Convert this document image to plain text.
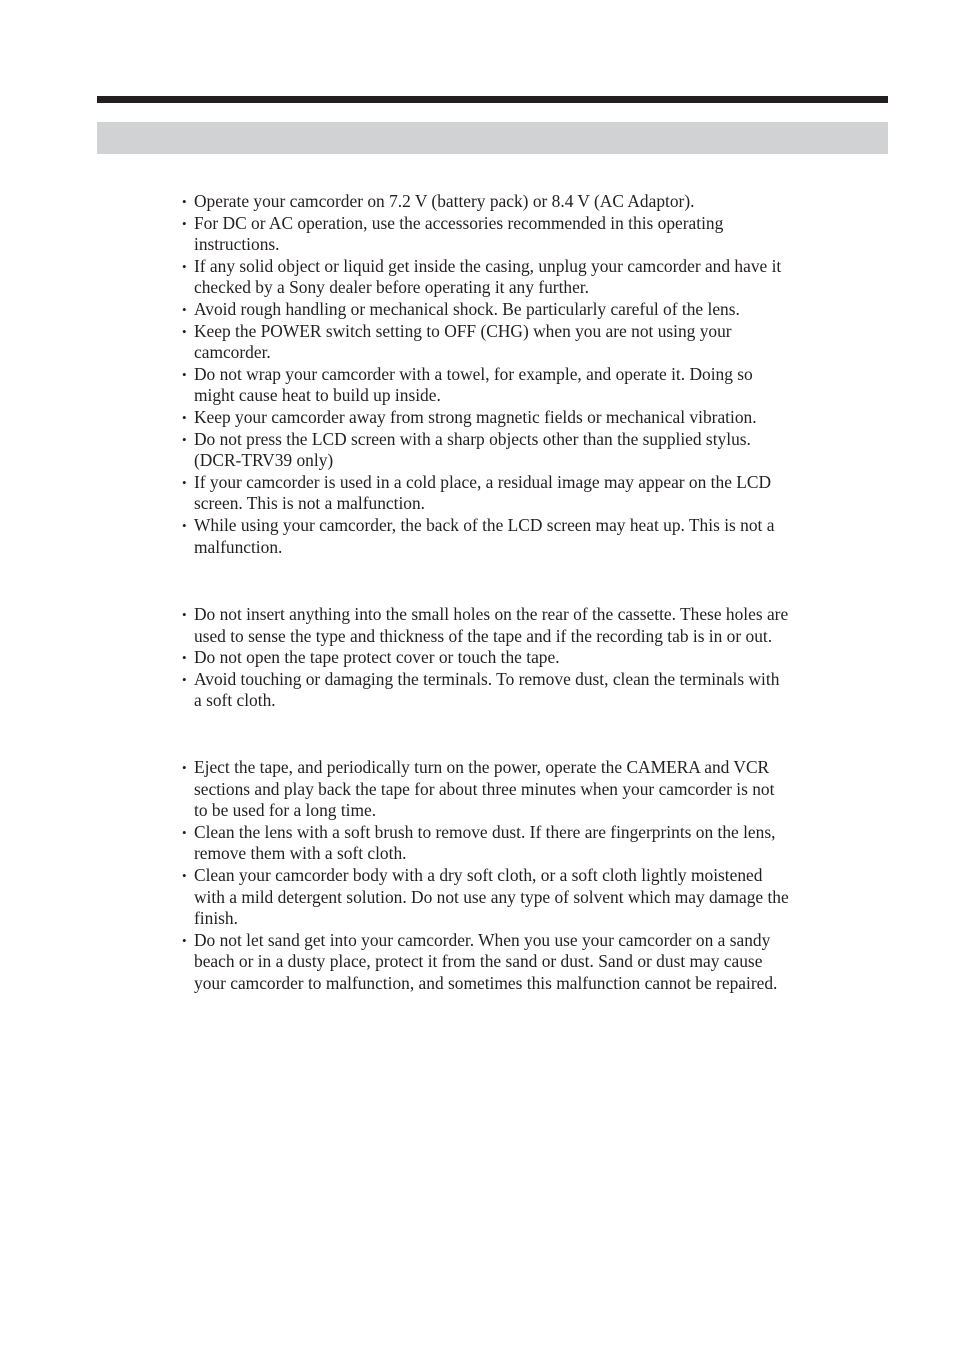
• Operate your camcorder on 7.2 V (battery pack) or 8.4 V (AC Adaptor).
• For DC or AC operation, use the accessories recommended in this operating
instructions.
• If any solid object or liquid get inside the casing, unplug your camcorder and have it
checked by a Sony dealer before operating it any further.
• Avoid rough handling or mechanical shock. Be particularly careful of the lens.
• Keep the POWER switch setting to OFF (CHG) when you are not using your
camcorder.
• Do not wrap your camcorder with a towel, for example, and operate it. Doing so
might cause heat to build up inside.
• Keep your camcorder away from strong magnetic fields or mechanical vibration.
• Do not press the LCD screen with a sharp objects other than the supplied stylus.
(DCR-TRV39 only)
• If your camcorder is used in a cold place, a residual image may appear on the LCD
screen. This is not a malfunction.
• While using your camcorder, the back of the LCD screen may heat up. This is not a
malfunction.
• Do not insert anything into the small holes on the rear of the cassette. These holes are
used to sense the type and thickness of the tape and if the recording tab is in or out.
• Do not open the tape protect cover or touch the tape.
• Avoid touching or damaging the terminals. To remove dust, clean the terminals with
a soft cloth.
• Eject the tape, and periodically turn on the power, operate the CAMERA and VCR
sections and play back the tape for about three minutes when your camcorder is not
to be used for a long time.
• Clean the lens with a soft brush to remove dust. If there are fingerprints on the lens,
remove them with a soft cloth.
• Clean your camcorder body with a dry soft cloth, or a soft cloth lightly moistened
with a mild detergent solution. Do not use any type of solvent which may damage the
finish.
• Do not let sand get into your camcorder. When you use your camcorder on a sandy
beach or in a dusty place, protect it from the sand or dust. Sand or dust may cause
your camcorder to malfunction, and sometimes this malfunction cannot be repaired.
